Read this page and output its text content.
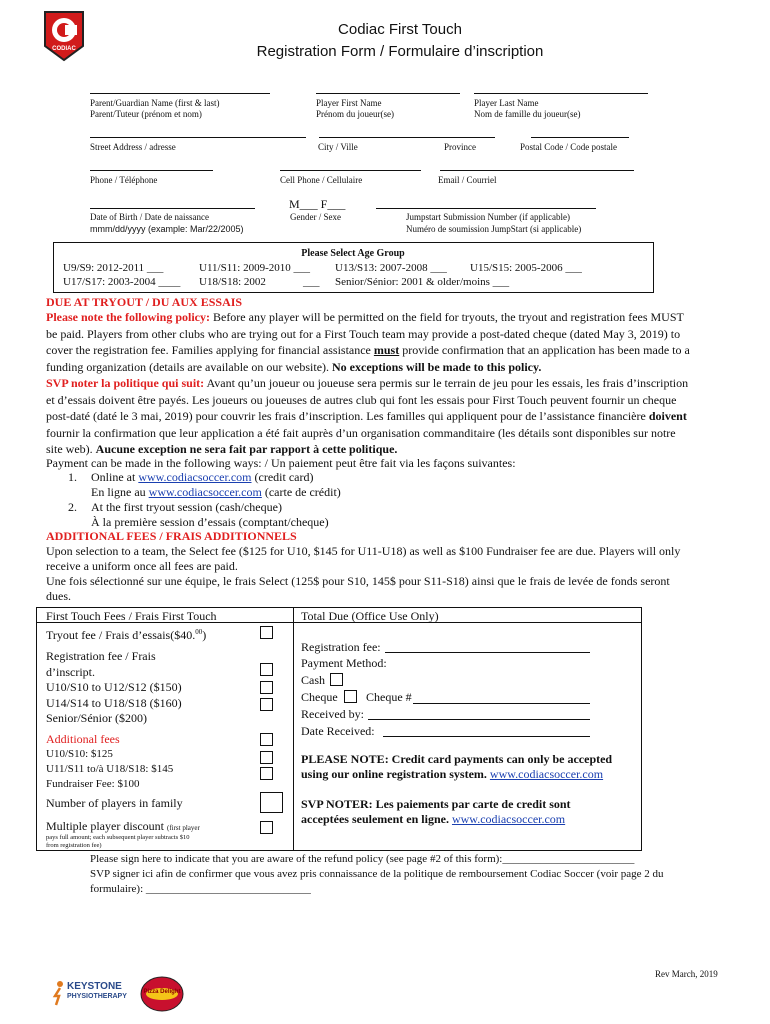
CODIAC
Codiac First Touch
Registration Form / Formulaire d’inscription
Parent/Guardian Name (first & last)
Parent/Tuteur (prénom et nom)
Player First Name
Prénom du joueur(se)
Player Last Name
Nom de famille du joueur(se)
Street Address / adresse	City / Ville	Province	Postal Code / Code postale
Phone / Téléphone	Cell Phone / Cellulaire	Email / Courriel
M___ F___
Date of Birth / Date de naissance
mmm/dd/yyyy (example: Mar/22/2005)
Gender / Sexe	Jumpstart Submission Number (if applicable)
Numéro de soumission JumpStart (si applicable)
Please Select Age Group
U9/S9: 2012-2011 ___	U11/S11: 2009-2010 ___ U13/S13: 2007-2008 ___ U15/S15: 2005-2006 ___
U17/S17: 2003-2004 ____ U18/S18: 2002	___ Senior/Sénior: 2001 & older/moins ___
DUE AT TRYOUT / DU AUX ESSAIS
Please note the following policy: Before any player will be permitted on the field for tryouts, the tryout and registration fees MUST
be paid. Players from other clubs who are trying out for a First Touch team may provide a post-dated cheque (dated May 3, 2019) to
cover the registration fee. Families applying for financial assistance must provide confirmation that an application has been made to a
funding organization (details are available on our website). No exceptions will be made to this policy.
SVP noter la politique qui suit: Avant qu’un joueur ou joueuse sera permis sur le terrain de jeu pour les essais, les frais d’inscription
et d’essais doivent être payés. Les joueurs ou joueuses de autres club qui font les essais pour First Touch peuvent fournir un cheque
post-daté (daté le 3 mai, 2019) pour couvrir les frais d’inscription. Les familles qui appliquent pour de l’assistance financière doivent
fournir la confirmation que leur application a été fait auprès d’un organisation commanditaire (les détails sont disponibles sur notre
site web). Aucune exception ne sera fait par rapport à cette politique.
Payment can be made in the following ways: / Un paiement peut être fait via les façons suivantes:
1. Online at www.codiacsoccer.com (credit card)
En ligne au www.codiacsoccer.com (carte de crédit)
2. At the first tryout session (cash/cheque)
À la première session d’essais (comptant/cheque)
ADDITIONAL FEES / FRAIS ADDITIONNELS
Upon selection to a team, the Select fee ($125 for U10, $145 for U11-U18) as well as $100 Fundraiser fee are due. Players will only
receive a uniform once all fees are paid.
Une fois sélectionné sur une équipe, le frais Select (125$ pour S10, 145$ pour S11-S18) ainsi que le frais de levée de fonds seront
dues.
First Touch Fees / Frais First Touch	Total Due (Office Use Only)
Tryout fee / Frais d’essais($40.00)
Registration fee / Frais
d’inscript.
U10/S10 to U12/S12 ($150)
U14/S14 to U18/S18 ($160)
Senior/Sénior ($200)
Additional fees
U10/S10: $125
U11/S11 to/à U18/S18: $145
Fundraiser Fee: $100
Number of players in family
Multiple player discount (first player
pays full amount; each subsequent player subtracts $10
from registration fee)
Registration fee:
Payment Method:
Cash
Cheque Cheque #
Received by:
Date Received:
PLEASE NOTE: Credit card payments can only be accepted
using our online registration system. www.codiacsoccer.com
SVP NOTER: Les paiements par carte de credit sont
acceptées seulement en ligne. www.codiacsoccer.com
Please sign here to indicate that you are aware of the refund policy (see page #2 of this form):________________________
SVP signer ici afin de confirmer que vous avez pris connaissance de la politique de remboursement Codiac Soccer (voir page 2 du
formulaire): ______________________________
Rev March, 2019
KEYSTONE
PHYSIOTHERAPY
Pizza Delight
